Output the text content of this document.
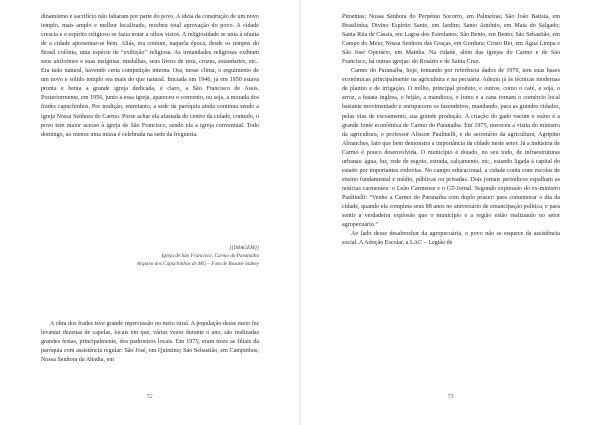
dinamismo e sacrifício não faltaram por parte do povo. A ideia da construção de um novo templo, mais amplo e melhor localizado, recebeu total aprovação do povo. A cidade crescia e o espírito religioso se fazia notar a olhos vistos. A religiosidade se unia à ufania de a cidade apresentar-se bem. Aliás, era comum, naquela época, desde os tempos do Brasil colônia, uma espécie de “exibição” religiosa. As irmandades religiosas exibiam seus uniformes e suas insígnias: medalhas, seus livros de reza, cruzes, estandartes, etc.. Era tudo natural, havendo certa competição interna. Ora, nesse clima, o erguimento de um novo e sólido templo era mais do que natural. Iniciada em 1946, já em 1950 estava pronta e benta a grande igreja dedicada, é claro, a São Francisco de Assis. Posteriormente, em 1956, junto a essa igreja, apareceu o convento, ou seja, a morada dos frades capuchinhos. Por tradição, entretanto, a sede da paróquia ainda continua sendo a igreja Nossa Senhora do Carmo. Porse achar ela afastada do centro da cidade, contudo, o povo tem maior acesso à igreja de São Francisco, sendo ela a igreja conventual. Todo domingo, ao menos uma missa é celebrada na sede da freguesia.

[[IMAGEM]]
Igreja de São Francisco: Carmo do Paranaíba
Arquivo dos Capuchinhos de MG – Foto de Rosane Sidney

A obra dos frades teve grande repercussão no meio rural. A população desse meio fez levantar dezenas de capelas, locais em que, várias vezes durante o ano, são realizadas grandes festas, principalmente, dos padroeiros locais. Em 1975, eram treze as filiais da paróquia com assistência regular: São José, em Quintino; São Sebastião, em Campinhos; Nossa Senhora da Abadia, em

72

Pimentas; Nossa Senhora do Perpétuo Socorro, em Palmeiras; São João Batista, em Brasilinha; Divino Espírito Santo, em Jardim; Santo Antônio, em Mata do Salgado; Santa Rita de Cássia, em Lagoa dos Estrelanos; São Bento, em Bento; São Sebastião, em Campo do Meio; Nossa Senhora das Graças, em Gordura; Cristo Rei, em Água Limpa e São José Operário, em Mainha. Na cidade, além das igrejas do Carmo e de São Francisco, há outras igrejas: do Rosário e de Santa Cruz.

Carmo do Paranaíba, hoje, tomando por referência dados de 1970, tem suas bases econômicas principalmente na agricultura e na pecuária. Adeziu já às técnicas modernas de plantio e de irrigação. O milho, principal produto, e outros, como o café, a soja, o arroz, a batata inglesa, o feijão, a mandioca, o fumo e a cana tornam o comércio local bastante movimentado e enriquecem os fazendeiros, mandando, para as grandes cidades, pelas vias de escoamento, sua grande produção. A criação do gado vacum e suíno é a grande fonte econômica de Carmo do Paranaíba. Em 1975, mereceu a visita do ministro da agricultura, o professor Alisson Paulinelli, e do secretário da agricultura, Agripino Abranches, fato que bem demonstra a importância da cidade neste setor. Já a indústria de Carmo é pouco desenvolvida. O município é dotado, no seu todo, de infraestruturas urbanas: água, luz, rede de esgoto, estrada, calçamento, etc., estando ligada à capital do estado por importantes rodovias. No campo educacional, a cidade conta com escolas de ensino fundamental e médio, públicas ou privadas. Dois jornais periódicos espalham as notícias carmenses: o Leão Carmense e o GT-Jornal. Segundo expressão do ex-ministro Paulinelli: “Venho a Carmo do Paranaíba com duplo prazer: para comemorar o dia da cidade, quando ela completa seus 88 anos no aniversário de emancipação política, e para sentir a verdadeira explosão que o município e a região estão realizando no setor agropecuário.”

Ao lado desse desabrochar da agropecuária, o povo não se esquece da assistência social. A Adoção Escolar, a LAC – Legião de

73
